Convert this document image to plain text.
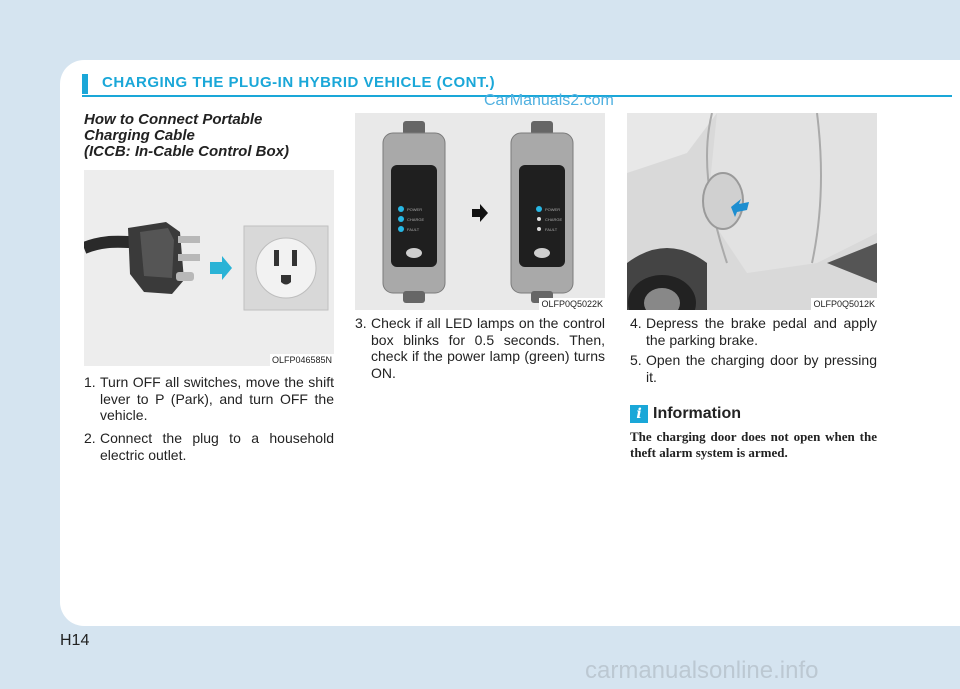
CHARGING THE PLUG-IN HYBRID VEHICLE (CONT.)
CarManuals2.com
How to Connect Portable
Charging Cable
(ICCB: In-Cable Control Box)
OLFP046585N
POWER
CHARGE
FAULT
POWER
CHARGE
FAULT
OLFP0Q5022K	OLFP0Q5012K
1. Turn OFF all switches, move the shift lever to P (Park), and turn OFF the vehicle.
2. Connect the plug to a household electric outlet.
3. Check if all LED lamps on the control box blinks for 0.5 seconds. Then, check if the power lamp (green) turns ON.
4. Depress the brake pedal and apply the parking brake.
5. Open the charging door by pressing it.
i Information
The charging door does not open when the theft alarm system is armed.
H14
carmanualsonline.info
